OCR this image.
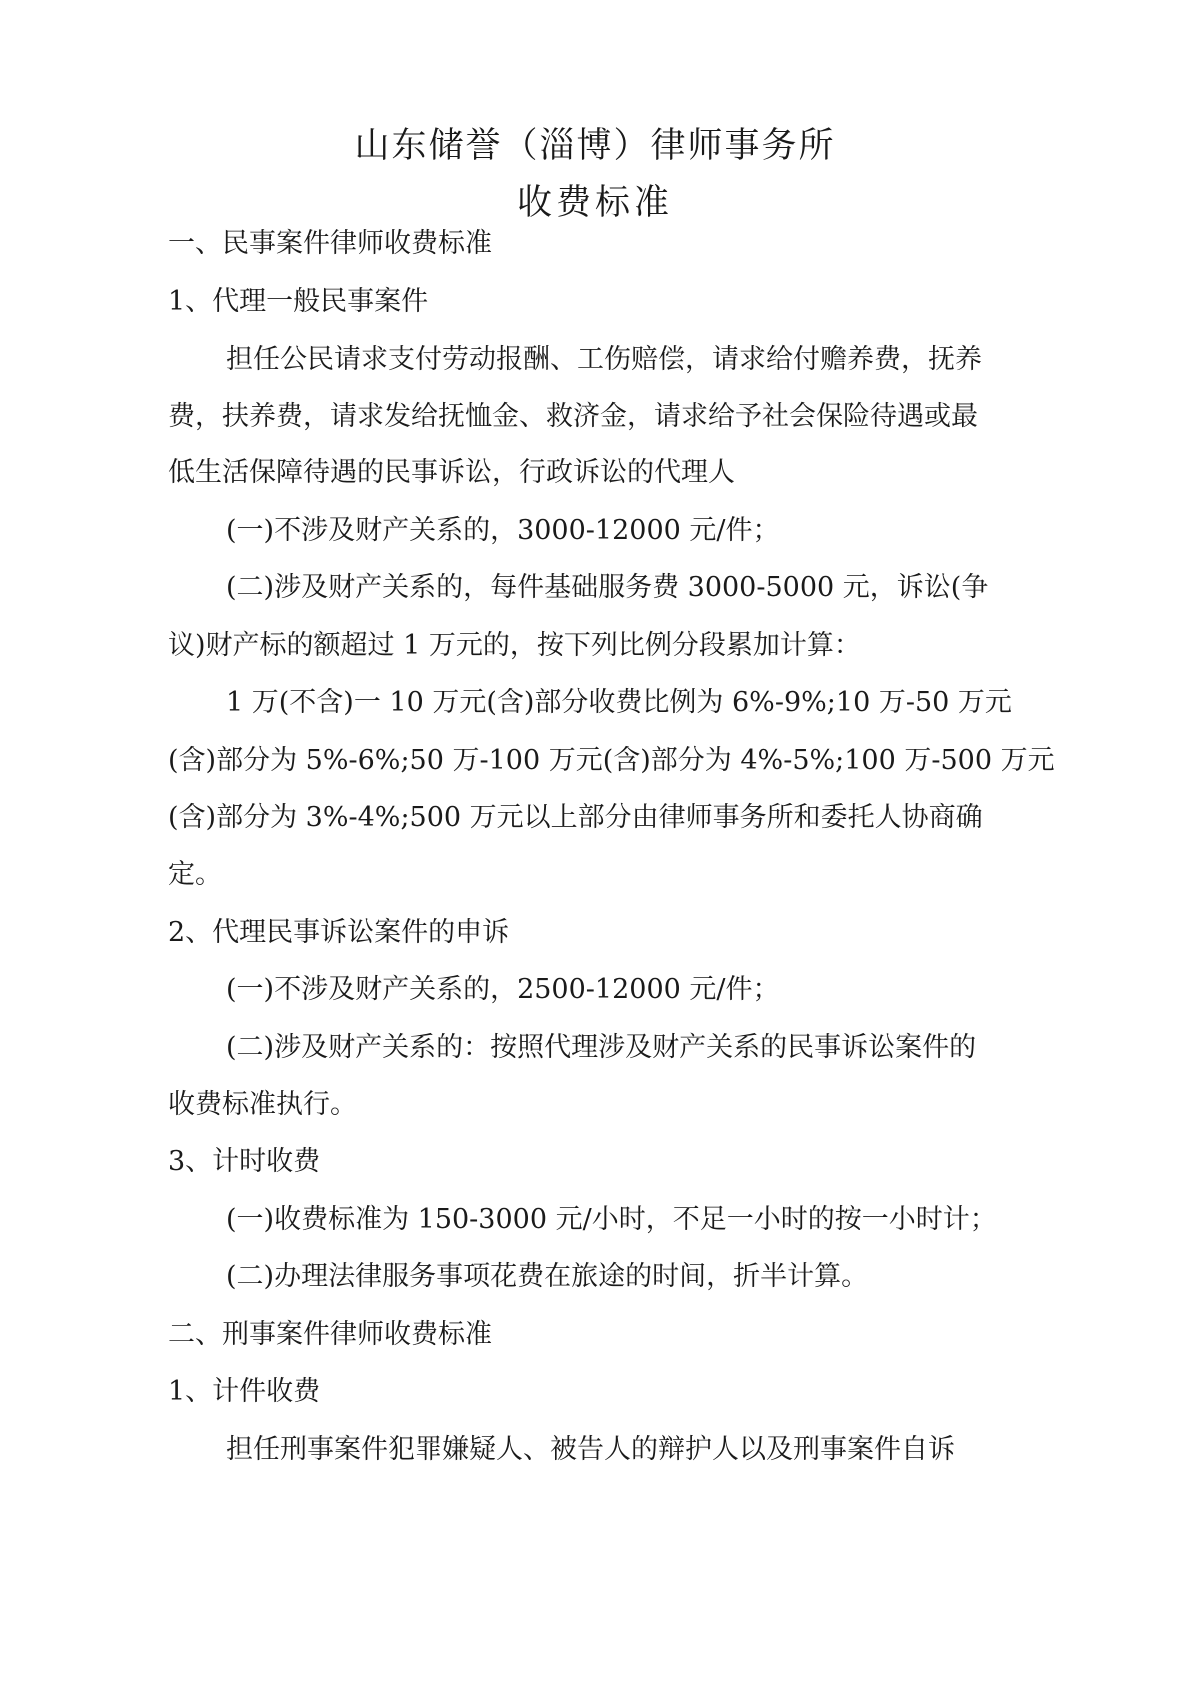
山东储誉（淄博）律师事务所
收费标准
一、民事案件律师收费标准
1、代理一般民事案件
担任公民请求支付劳动报酬、工伤赔偿，请求给付赡养费，抚养
费，扶养费，请求发给抚恤金、救济金，请求给予社会保险待遇或最
低生活保障待遇的民事诉讼，行政诉讼的代理人
(一)不涉及财产关系的，3000-12000 元/件；
(二)涉及财产关系的，每件基础服务费 3000-5000 元，诉讼(争
议)财产标的额超过 1 万元的，按下列比例分段累加计算：
1 万(不含)一 10 万元(含)部分收费比例为 6%-9%;10 万-50 万元
(含)部分为 5%-6%;50 万-100 万元(含)部分为 4%-5%;100 万-500 万元
(含)部分为 3%-4%;500 万元以上部分由律师事务所和委托人协商确
定。
2、代理民事诉讼案件的申诉
(一)不涉及财产关系的，2500-12000 元/件；
(二)涉及财产关系的：按照代理涉及财产关系的民事诉讼案件的
收费标准执行。
3、计时收费
(一)收费标准为 150-3000 元/小时，不足一小时的按一小时计；
(二)办理法律服务事项花费在旅途的时间，折半计算。
二、刑事案件律师收费标准
1、计件收费
担任刑事案件犯罪嫌疑人、被告人的辩护人以及刑事案件自诉
